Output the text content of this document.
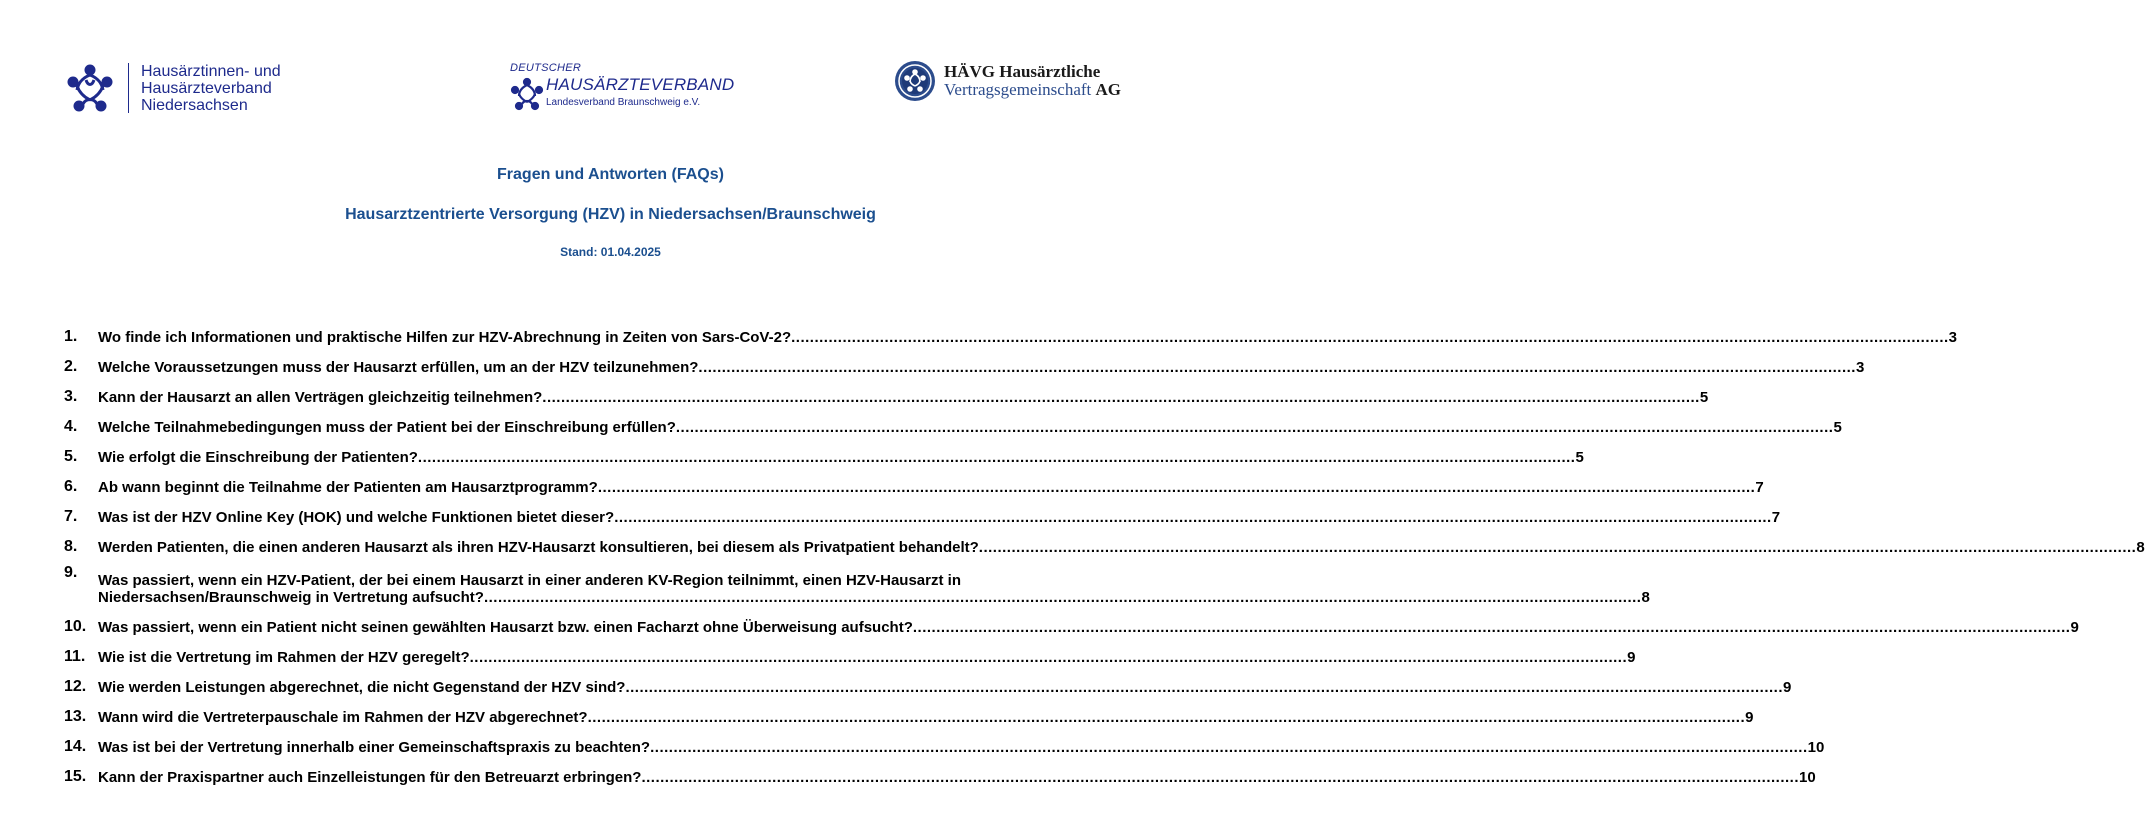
Hausärztinnen- und
Hausärzteverband
Niedersachsen
DEUTSCHER
HAUSÄRZTEVERBAND
Landesverband Braunschweig e.V.
HÄVG Hausärztliche
Vertragsgemeinschaft AG
Fragen und Antworten (FAQs)
Hausarztzentrierte Versorgung (HZV) in Niedersachsen/Braunschweig
Stand: 01.04.2025
1.	Wo finde ich Informationen und praktische Hilfen zur HZV-Abrechnung in Zeiten von Sars-CoV-2? .....	3
2.	Welche Voraussetzungen muss der Hausarzt erfüllen, um an der HZV teilzunehmen? .....	3
3.	Kann der Hausarzt an allen Verträgen gleichzeitig teilnehmen? .....	5
4.	Welche Teilnahmebedingungen muss der Patient bei der Einschreibung erfüllen? .....	5
5.	Wie erfolgt die Einschreibung der Patienten? .....	5
6.	Ab wann beginnt die Teilnahme der Patienten am Hausarztprogramm? .....	7
7.	Was ist der HZV Online Key (HOK) und welche Funktionen bietet dieser? .....	7
8.	Werden Patienten, die einen anderen Hausarzt als ihren HZV-Hausarzt konsultieren, bei diesem als Privatpatient behandelt? .....	8
9.	Was passiert, wenn ein HZV-Patient, der bei einem Hausarzt in einer anderen KV-Region teilnimmt, einen HZV-Hausarzt in
Niedersachsen/Braunschweig in Vertretung aufsucht? .....	8
10. Was passiert, wenn ein Patient nicht seinen gewählten Hausarzt bzw. einen Facharzt ohne Überweisung aufsucht? .....	9
11. Wie ist die Vertretung im Rahmen der HZV geregelt? .....	9
12. Wie werden Leistungen abgerechnet, die nicht Gegenstand der HZV sind? .....	9
13. Wann wird die Vertreterpauschale im Rahmen der HZV abgerechnet? .....	9
14. Was ist bei der Vertretung innerhalb einer Gemeinschaftspraxis zu beachten? .....	10
15. Kann der Praxispartner auch Einzelleistungen für den Betreuarzt erbringen? .....	10
